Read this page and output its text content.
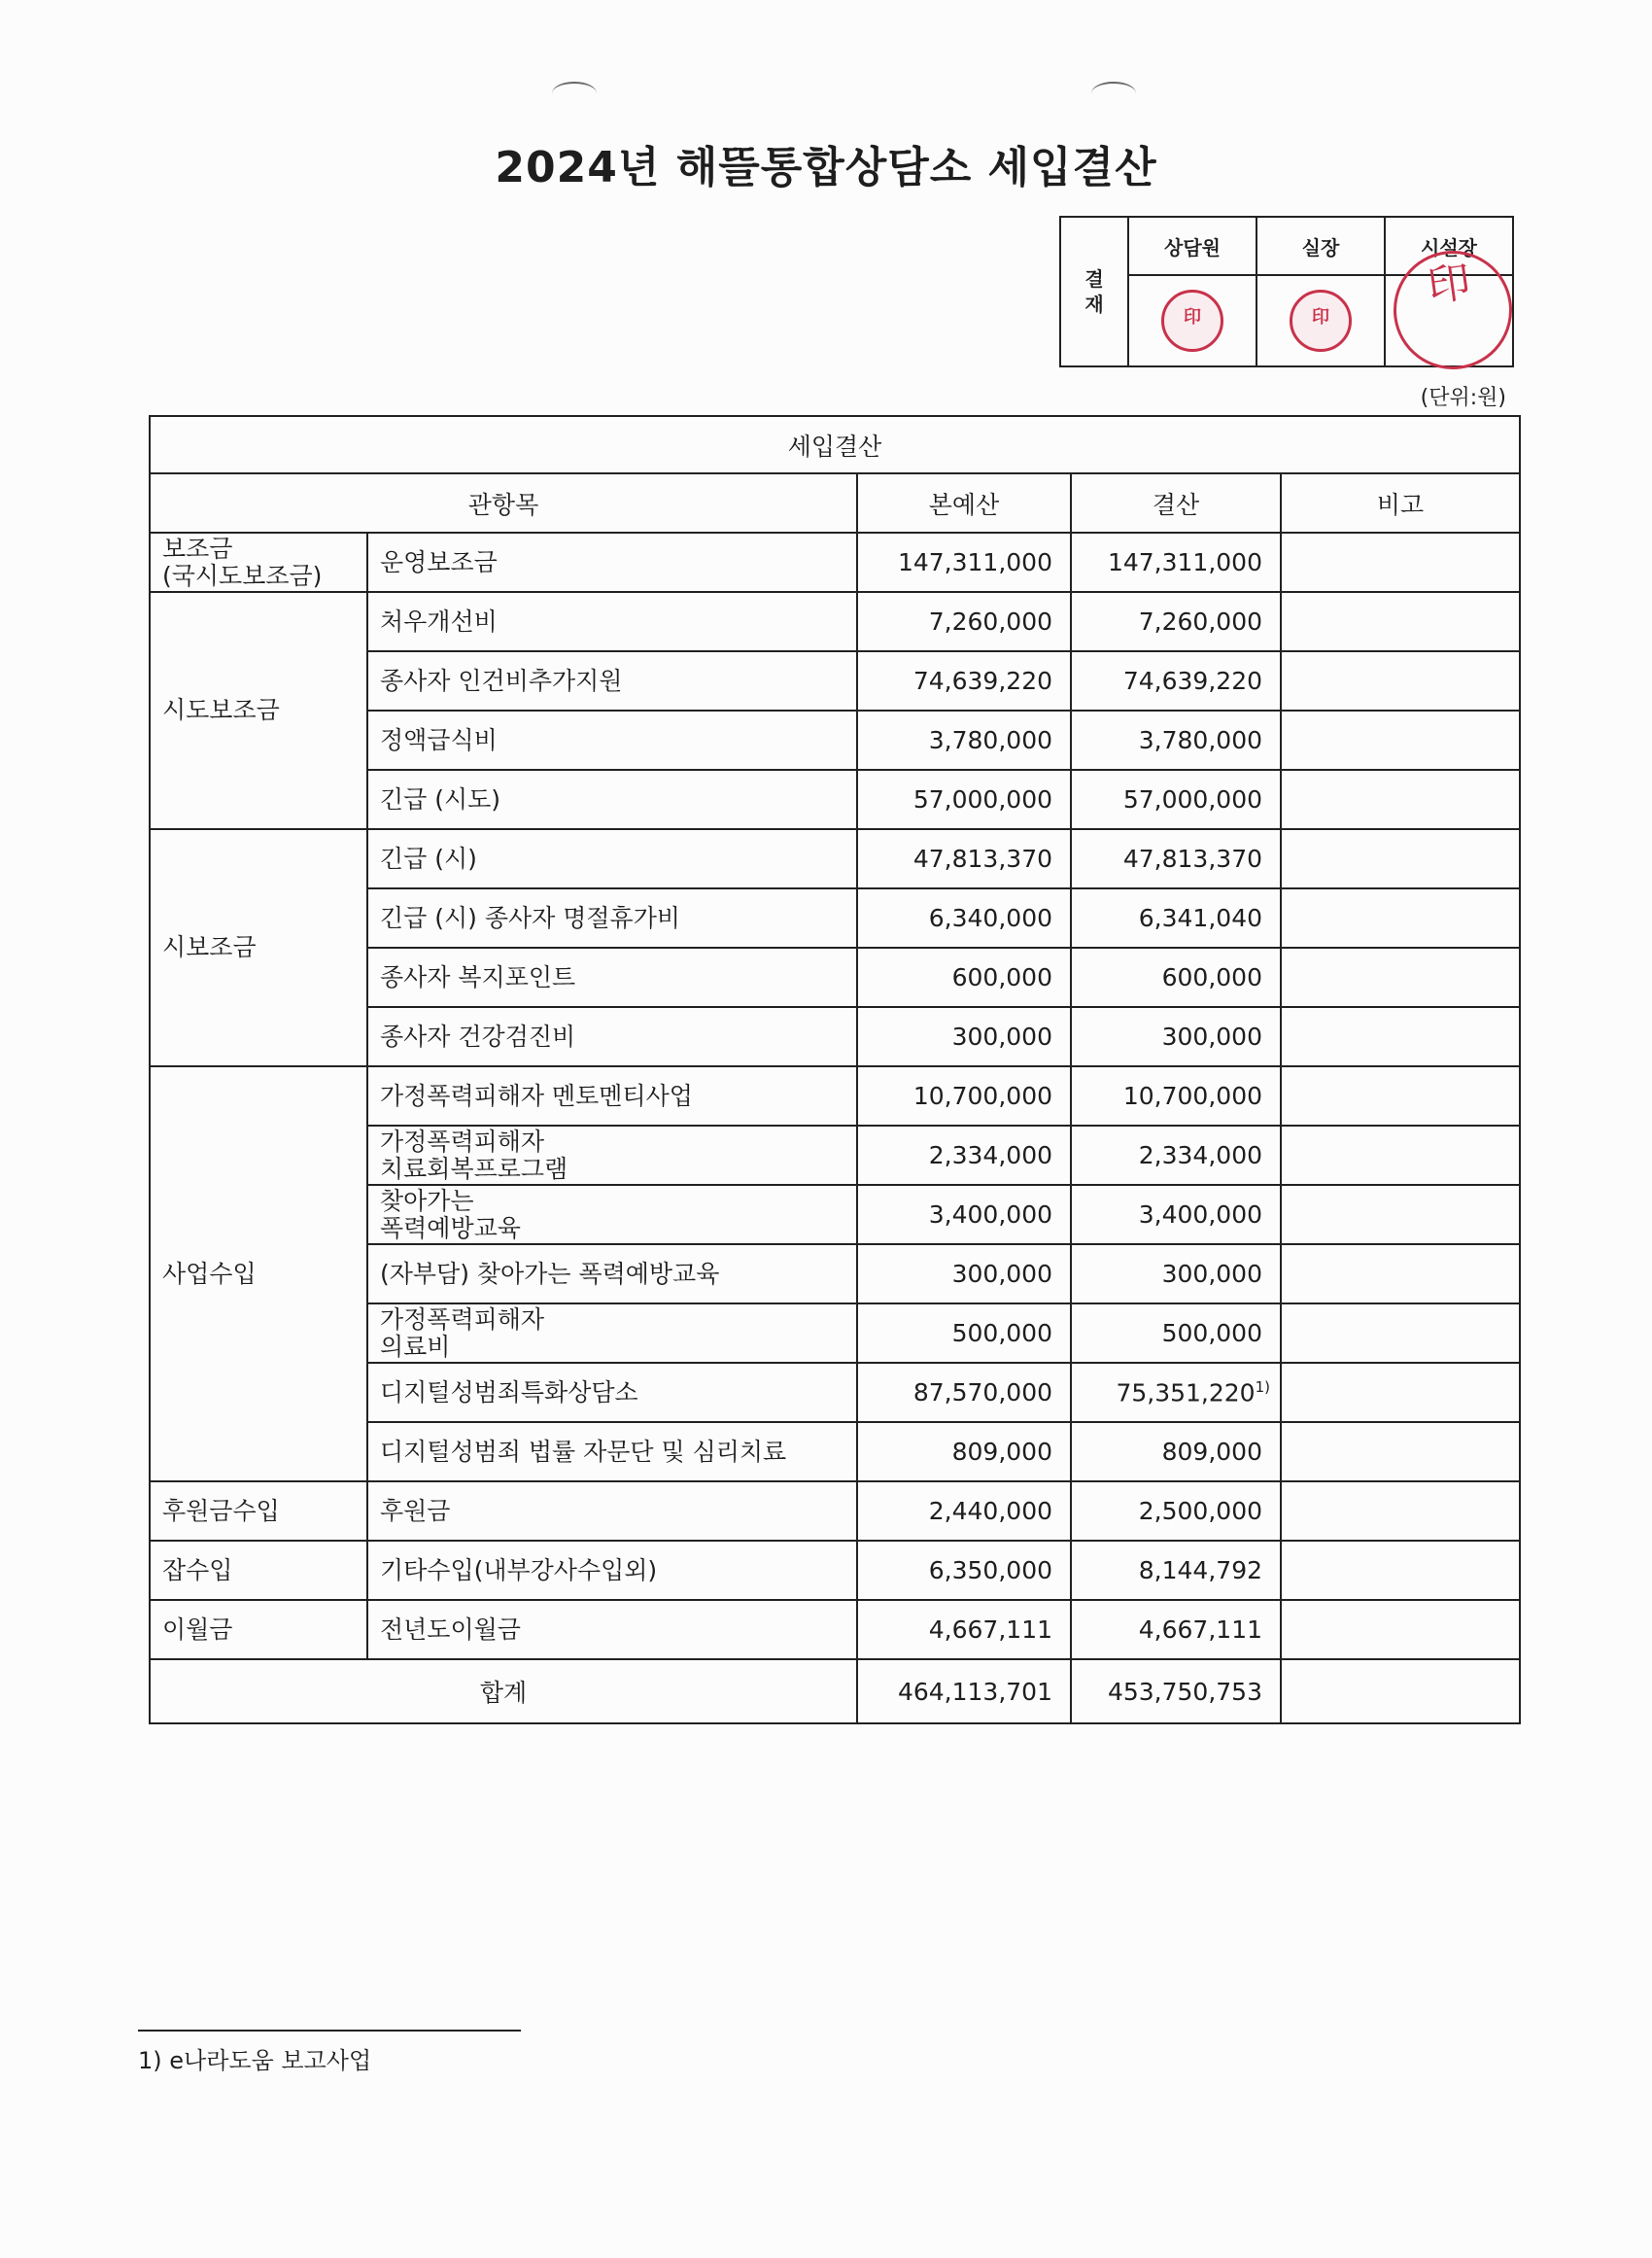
2024년 해뜰통합상담소 세입결산
결재	상담원	실장	시설장
	印	印	印
(단위:원)
세입결산				
관항목		본예산	결산	비고
보조금
(국시도보조금)	운영보조금	147,311,000	147,311,000	
시도보조금	처우개선비	7,260,000	7,260,000	
	종사자 인건비추가지원	74,639,220	74,639,220	
	정액급식비	3,780,000	3,780,000	
	긴급 (시도)	57,000,000	57,000,000	
시보조금	긴급 (시)	47,813,370	47,813,370	
	긴급 (시) 종사자 명절휴가비	6,340,000	6,341,040	
	종사자 복지포인트	600,000	600,000	
	종사자 건강검진비	300,000	300,000	
사업수입	가정폭력피해자 멘토멘티사업	10,700,000	10,700,000	
	가정폭력피해자
치료회복프로그램	2,334,000	2,334,000	
	찾아가는
폭력예방교육	3,400,000	3,400,000	
	(자부담) 찾아가는 폭력예방교육	300,000	300,000	
	가정폭력피해자
의료비	500,000	500,000	
	디지털성범죄특화상담소	87,570,000	75,351,220$^{1)}$	
	디지털성범죄 법률 자문단 및 심리치료	809,000	809,000	
후원금수입	후원금	2,440,000	2,500,000	
잡수입	기타수입(내부강사수입외)	6,350,000	8,144,792	
이월금	전년도이월금	4,667,111	4,667,111	
합계		464,113,701	453,750,753	
1) e나라도움 보고사업
